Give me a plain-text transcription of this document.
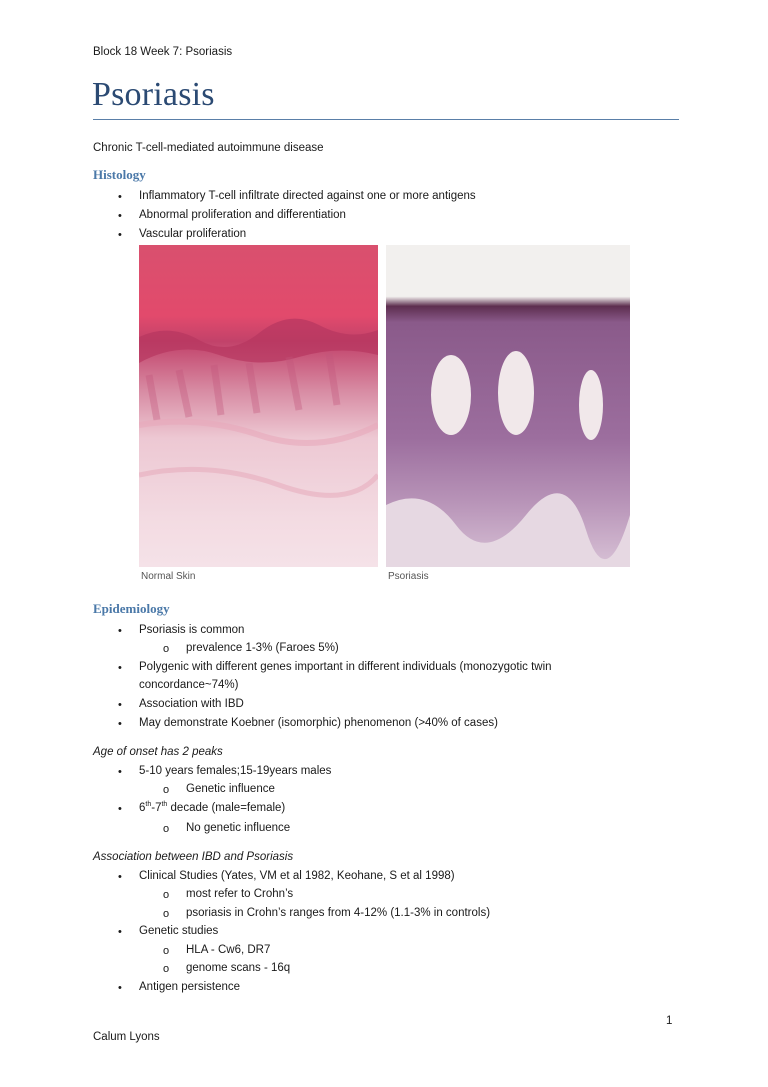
Block 18 Week 7: Psoriasis
Psoriasis
Chronic T-cell-mediated autoimmune disease
Histology
• Inflammatory T-cell infiltrate directed against one or more antigens
• Abnormal proliferation and differentiation
• Vascular proliferation
Normal Skin	Psoriasis
Epidemiology
• Psoriasis is common
o prevalence 1-3% (Faroes 5%)
• Polygenic with different genes important in different individuals (monozygotic twin
concordance~74%)
• Association with IBD
• May demonstrate Koebner (isomorphic) phenomenon (>40% of cases)
Age of onset has 2 peaks
• 5-10 years females;15-19years males
o Genetic influence
• 6th-7th decade (male=female)
o No genetic influence
Association between IBD and Psoriasis
• Clinical Studies (Yates, VM et al 1982, Keohane, S et al 1998)
o most refer to Crohn’s
o psoriasis in Crohn’s ranges from 4-12% (1.1-3% in controls)
• Genetic studies
o HLA - Cw6, DR7
o genome scans - 16q
• Antigen persistence
1
Calum Lyons
